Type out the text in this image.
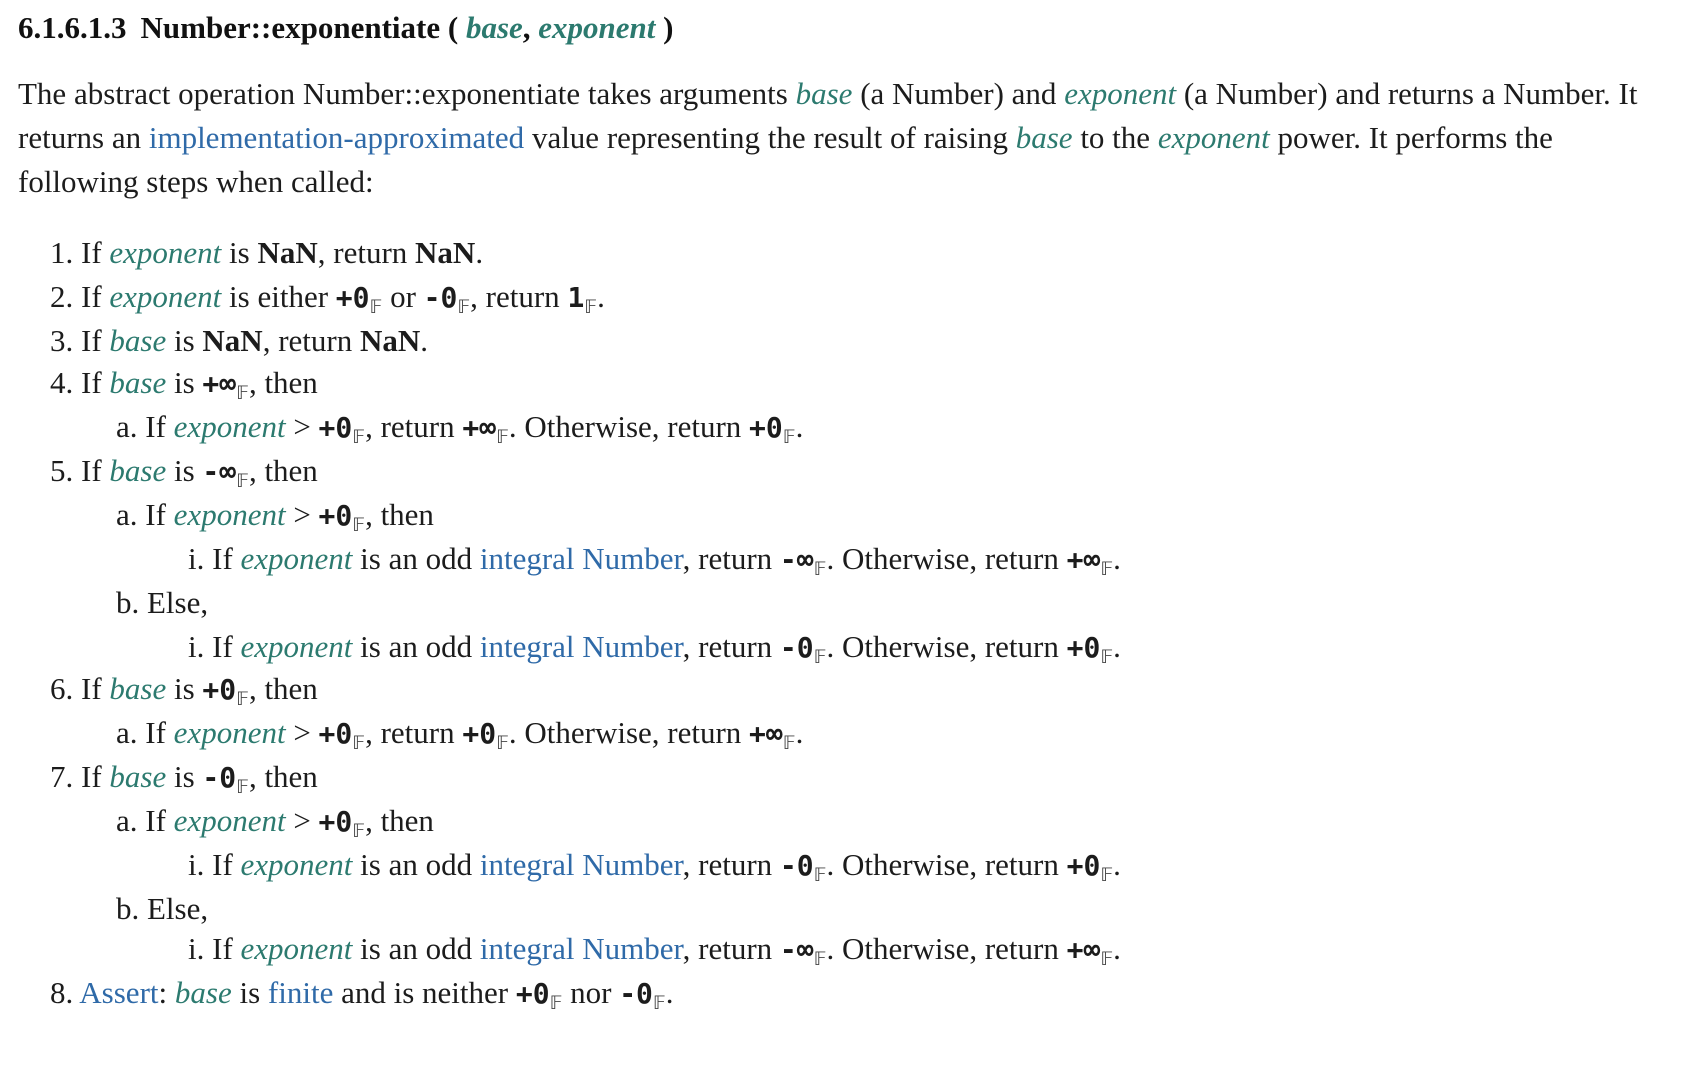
6.1.6.1.3 Number::exponentiate ( base, exponent )

The abstract operation Number::exponentiate takes arguments base (a Number) and exponent (a Number) and returns a Number. It returns an implementation-approximated value representing the result of raising base to the exponent power. It performs the following steps when called:

1. If exponent is NaN, return NaN.
2. If exponent is either $+0_𝔽$ or $-0_𝔽$, return $1_𝔽$.
3. If base is NaN, return NaN.
4. If base is $+\infty_𝔽$, then
a. If exponent > $+0_𝔽$, return $+\infty_𝔽$. Otherwise, return $+0_𝔽$.
5. If base is $-\infty_𝔽$, then
a. If exponent > $+0_𝔽$, then
i. If exponent is an odd integral Number, return $-\infty_𝔽$. Otherwise, return $+\infty_𝔽$.
b. Else,
i. If exponent is an odd integral Number, return $-0_𝔽$. Otherwise, return $+0_𝔽$.
6. If base is $+0_𝔽$, then
a. If exponent > $+0_𝔽$, return $+0_𝔽$. Otherwise, return $+\infty_𝔽$.
7. If base is $-0_𝔽$, then
a. If exponent > $+0_𝔽$, then
i. If exponent is an odd integral Number, return $-0_𝔽$. Otherwise, return $+0_𝔽$.
b. Else,
i. If exponent is an odd integral Number, return $-\infty_𝔽$. Otherwise, return $+\infty_𝔽$.
8. Assert: base is finite and is neither $+0_𝔽$ nor $-0_𝔽$.
